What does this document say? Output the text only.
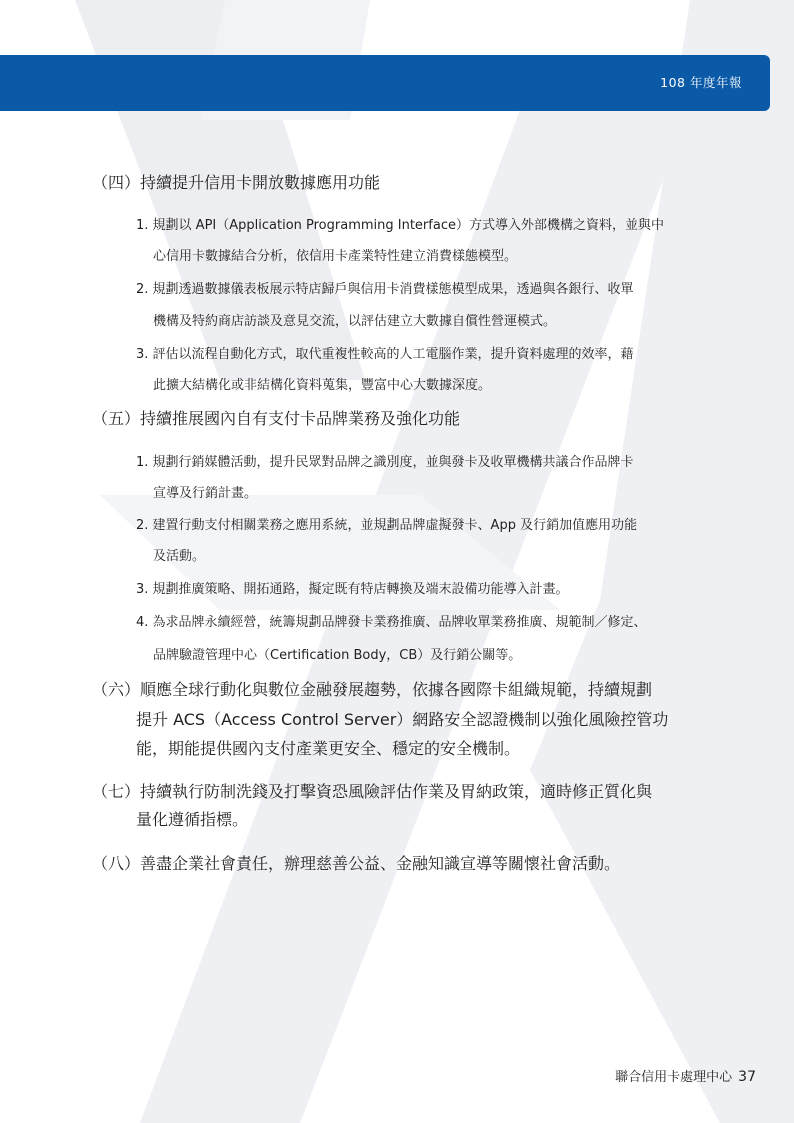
108 年度年報
（四）持續提升信用卡開放數據應用功能
1. 規劃以 API（Application Programming Interface）方式導入外部機構之資料，並與中
心信用卡數據結合分析，依信用卡產業特性建立消費樣態模型。
2. 規劃透過數據儀表板展示特店歸戶與信用卡消費樣態模型成果，透過與各銀行、收單
機構及特約商店訪談及意見交流，以評估建立大數據自償性營運模式。
3. 評估以流程自動化方式，取代重複性較高的人工電腦作業，提升資料處理的效率，藉
此擴大結構化或非結構化資料蒐集，豐富中心大數據深度。
（五）持續推展國內自有支付卡品牌業務及強化功能
1. 規劃行銷媒體活動，提升民眾對品牌之識別度，並與發卡及收單機構共議合作品牌卡
宣導及行銷計畫。
2. 建置行動支付相關業務之應用系統，並規劃品牌虛擬發卡、App 及行銷加值應用功能
及活動。
3. 規劃推廣策略、開拓通路，擬定既有特店轉換及端末設備功能導入計畫。
4. 為求品牌永續經營，統籌規劃品牌發卡業務推廣、品牌收單業務推廣、規範制／修定、
品牌驗證管理中心（Certification Body，CB）及行銷公關等。
（六）順應全球行動化與數位金融發展趨勢，依據各國際卡組織規範，持續規劃
提升 ACS（Access Control Server）網路安全認證機制以強化風險控管功
能，期能提供國內支付產業更安全、穩定的安全機制。
（七）持續執行防制洗錢及打擊資恐風險評估作業及胃納政策，適時修正質化與
量化遵循指標。
（八）善盡企業社會責任，辦理慈善公益、金融知識宣導等關懷社會活動。
聯合信用卡處理中心 37
